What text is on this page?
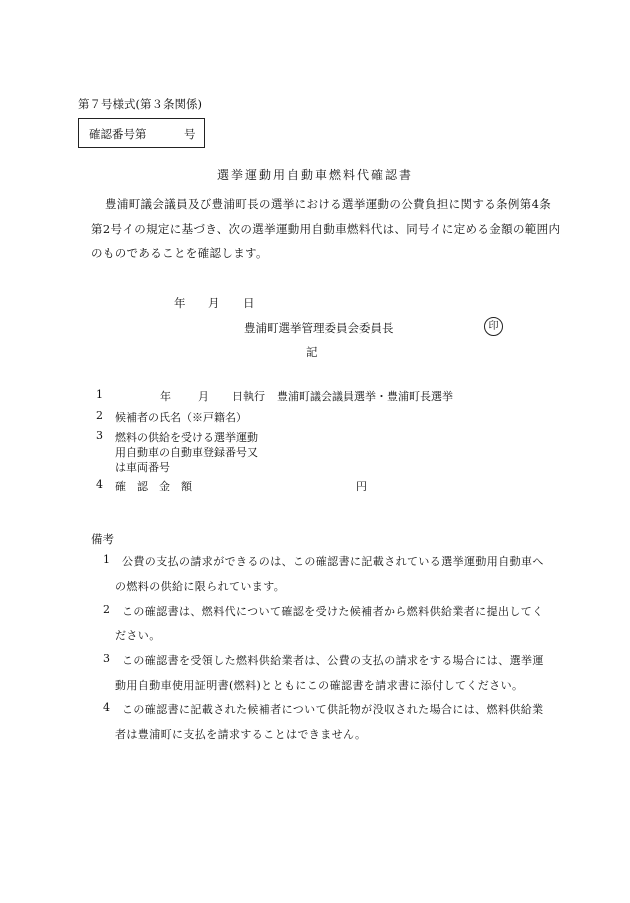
第７号様式(第３条関係)
確認番号第	号
選挙運動用自動車燃料代確認書
豊浦町議会議員及び豊浦町長の選挙における選挙運動の公費負担に関する条例第4条
第2号イの規定に基づき、次の選挙運動用自動車燃料代は、同号イに定める金額の範囲内
のものであることを確認します。
年 月 日
豊浦町選挙管理委員会委員長	印
記
1	年 月 日執行 豊浦町議会議員選挙・豊浦町長選挙
2 候補者の氏名（※戸籍名）
3 燃料の供給を受ける選挙運動
用自動車の自動車登録番号又
は車両番号
4 確　認　金　額	円
備考
1 公費の支払の請求ができるのは、この確認書に記載されている選挙運動用自動車へ
の燃料の供給に限られています。
2 この確認書は、燃料代について確認を受けた候補者から燃料供給業者に提出してく
ださい。
3 この確認書を受領した燃料供給業者は、公費の支払の請求をする場合には、選挙運
動用自動車使用証明書(燃料)とともにこの確認書を請求書に添付してください。
4 この確認書に記載された候補者について供託物が没収された場合には、燃料供給業
者は豊浦町に支払を請求することはできません。
